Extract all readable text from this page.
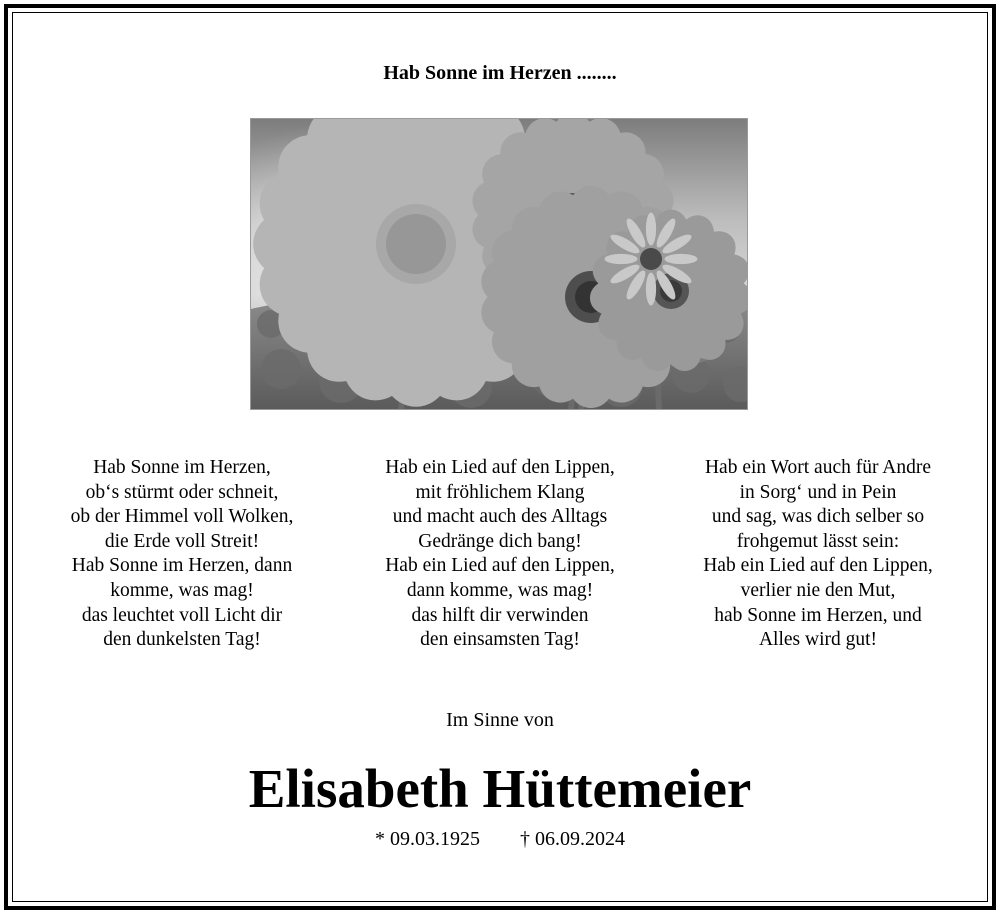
Hab Sonne im Herzen ........
Hab Sonne im Herzen,
ob‘s stürmt oder schneit,
ob der Himmel voll Wolken,
die Erde voll Streit!
Hab Sonne im Herzen, dann
komme, was mag!
das leuchtet voll Licht dir
den dunkelsten Tag!
Hab ein Lied auf den Lippen,
mit fröhlichem Klang
und macht auch des Alltags
Gedränge dich bang!
Hab ein Lied auf den Lippen,
dann komme, was mag!
das hilft dir verwinden
den einsamsten Tag!
Hab ein Wort auch für Andre
in Sorg‘ und in Pein
und sag, was dich selber so
frohgemut lässt sein:
Hab ein Lied auf den Lippen,
verlier nie den Mut,
hab Sonne im Herzen, und
Alles wird gut!
Im Sinne von
Elisabeth Hüttemeier
* 09.03.1925 † 06.09.2024
